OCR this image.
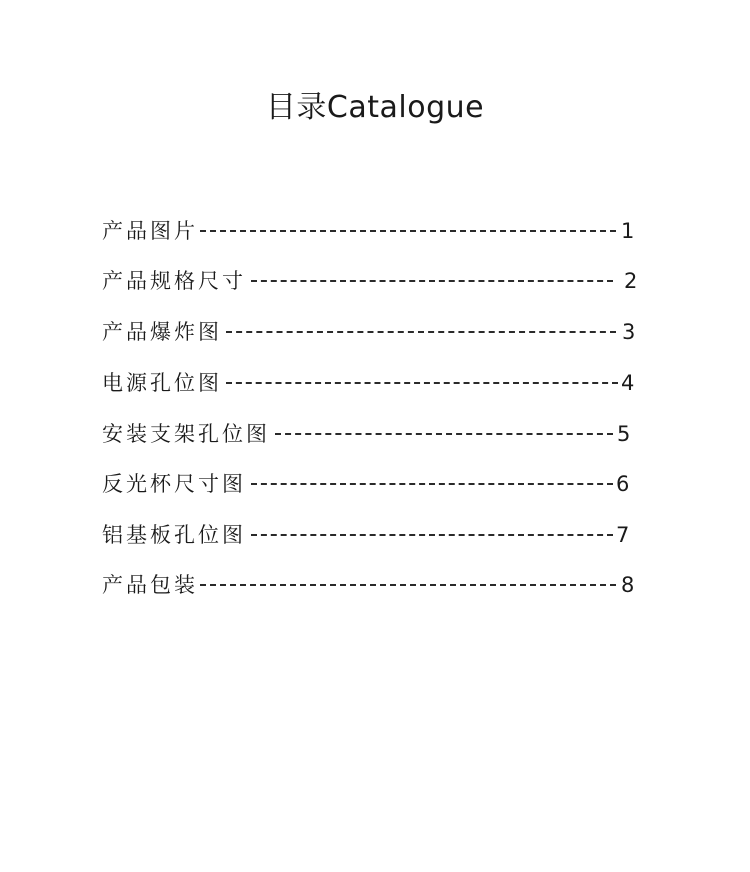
目录Catalogue
产品图片	1
产品规格尺寸	2
产品爆炸图	3
电源孔位图	4
安装支架孔位图	5
反光杯尺寸图	6
铝基板孔位图	7
产品包装	8
